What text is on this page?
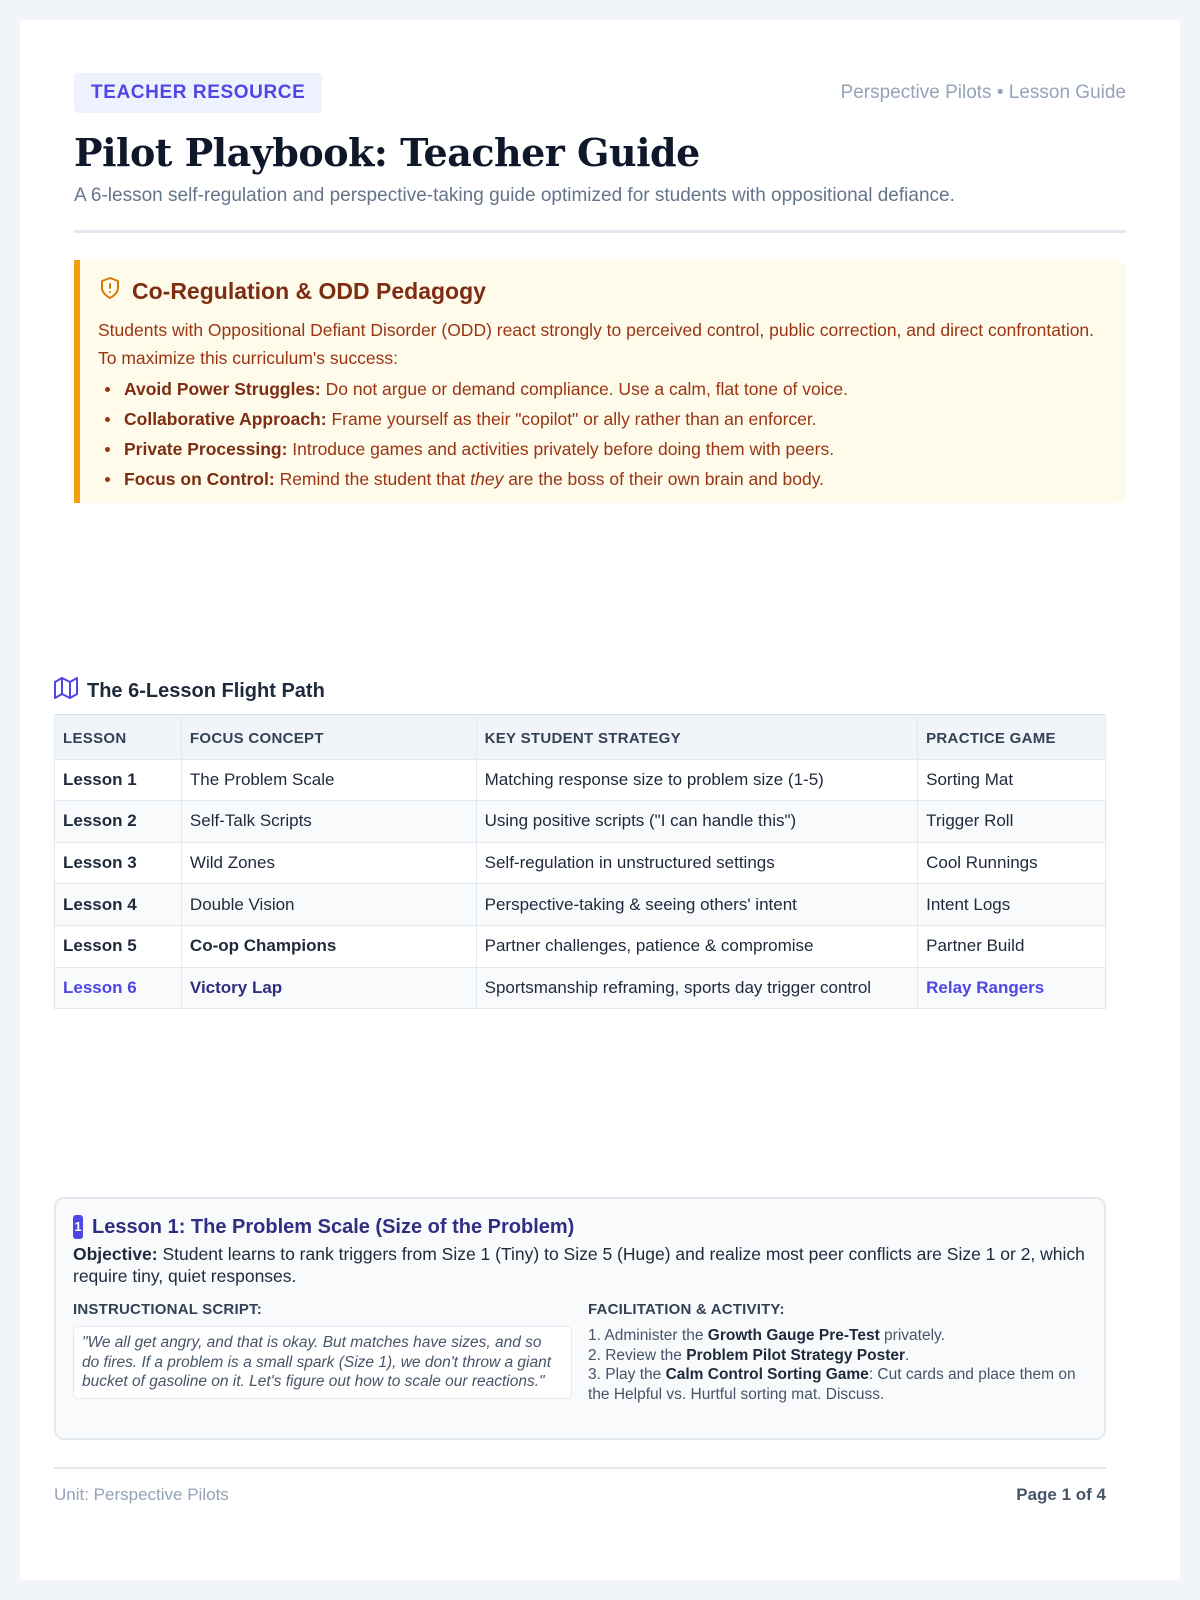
TEACHER RESOURCE	Perspective Pilots • Lesson Guide
Pilot Playbook: Teacher Guide

A 6-lesson self-regulation and perspective-taking guide optimized for students with oppositional defiance.

Co-Regulation & ODD Pedagogy

Students with Oppositional Defiant Disorder (ODD) react strongly to perceived control, public correction, and direct confrontation. To maximize this curriculum's success:

Avoid Power Struggles: Do not argue or demand compliance. Use a calm, flat tone of voice.
Collaborative Approach: Frame yourself as their "copilot" or ally rather than an enforcer.
Private Processing: Introduce games and activities privately before doing them with peers.
Focus on Control: Remind the student that they are the boss of their own brain and body.
The 6-Lesson Flight Path
LESSON	FOCUS CONCEPT	KEY STUDENT STRATEGY	PRACTICE GAME
Lesson 1	The Problem Scale	Matching response size to problem size (1-5)	Sorting Mat
Lesson 2	Self-Talk Scripts	Using positive scripts ("I can handle this")	Trigger Roll
Lesson 3	Wild Zones	Self-regulation in unstructured settings	Cool Runnings
Lesson 4	Double Vision	Perspective-taking & seeing others' intent	Intent Logs
Lesson 5	Co-op Champions	Partner challenges, patience & compromise	Partner Build
Lesson 6	Victory Lap	Sportsmanship reframing, sports day trigger control	Relay Rangers
1 Lesson 1: The Problem Scale (Size of the Problem)

Objective: Student learns to rank triggers from Size 1 (Tiny) to Size 5 (Huge) and realize most peer conflicts are Size 1 or 2, which require tiny, quiet responses.

INSTRUCTIONAL SCRIPT:
"We all get angry, and that is okay. But matches have sizes, and so do fires. If a problem is a small spark (Size 1), we don't throw a giant bucket of gasoline on it. Let's figure out how to scale our reactions."
FACILITATION & ACTIVITY:
1. Administer the Growth Gauge Pre-Test privately.
2. Review the Problem Pilot Strategy Poster.
3. Play the Calm Control Sorting Game: Cut cards and place them on the Helpful vs. Hurtful sorting mat. Discuss.
Unit: Perspective Pilots	Page 1 of 4
